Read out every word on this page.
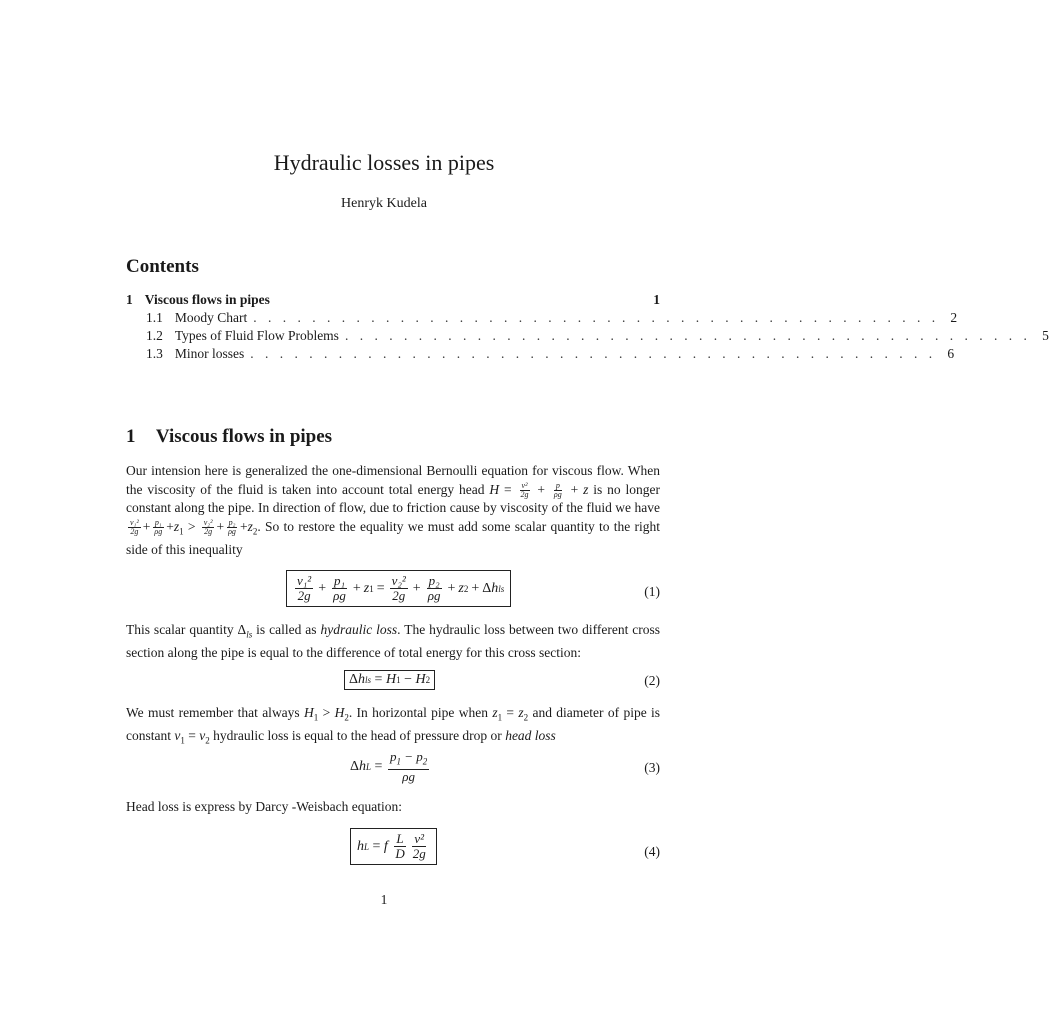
Hydraulic losses in pipes
Henryk Kudela
Contents
1 Viscous flows in pipes	1
1.1 Moody Chart . . . . . . . . . . . . . . . . . . . . . . . . . . . . . . . . . . . . . . . . . . . . . . . 2
1.2 Types of Fluid Flow Problems . . . . . . . . . . . . . . . . . . . . . . . . . . . . . . . . . . . . . . . . . . . . . . . 5
1.3 Minor losses . . . . . . . . . . . . . . . . . . . . . . . . . . . . . . . . . . . . . . . . . . . . . . . 6
1 Viscous flows in pipes
Our intension here is generalized the one-dimensional Bernoulli equation for viscous flow. When the viscosity of the fluid is taken into account total energy head $H = \frac{\text{v²}}{2g} + \frac{p}{\rho g} + z$ is no longer constant along the pipe. In direction of flow, due to friction cause by viscosity of the fluid we have
$\frac{\text{v₁²}}{2g} + \frac{\text{p₁}}{\rho g} +z_1 > \frac{\text{v₂²}}{2g} + \frac{\text{p₂}}{\rho g} +z_2$. So to restore the equality we must add some scalar quantity to the right side of this inequality
$\frac{\text{v₁²}}{2g} + \frac{\text{p₁}}{\rho g} + z$ $1 = \frac{\text{v₂²}}{2g} + \frac{\text{p₂}}{\rho g} + z$ 2 + Δ h ls	(1)
This scalar quantity $\Delta_{ls}$ is called as hydraulic loss. The hydraulic loss between two different cross section along the pipe is equal to the difference of total energy for this cross section:
Δ h ls = H 1 − H 2	(2)
We must remember that always $H_1 > H_2$. In horizontal pipe when $z_1 = z_2$ and diameter of pipe is constant $v_1 = v_2$ hydraulic loss is equal to the head of pressure drop or head loss
Δ h $L = \frac{p_1 - p_2}{\rho g}$	(3)
Head loss is express by Darcy -Weisbach equation:
h L = f
$\frac{L}{D} \frac{\text{v²}}{2g}$	(4)
1
